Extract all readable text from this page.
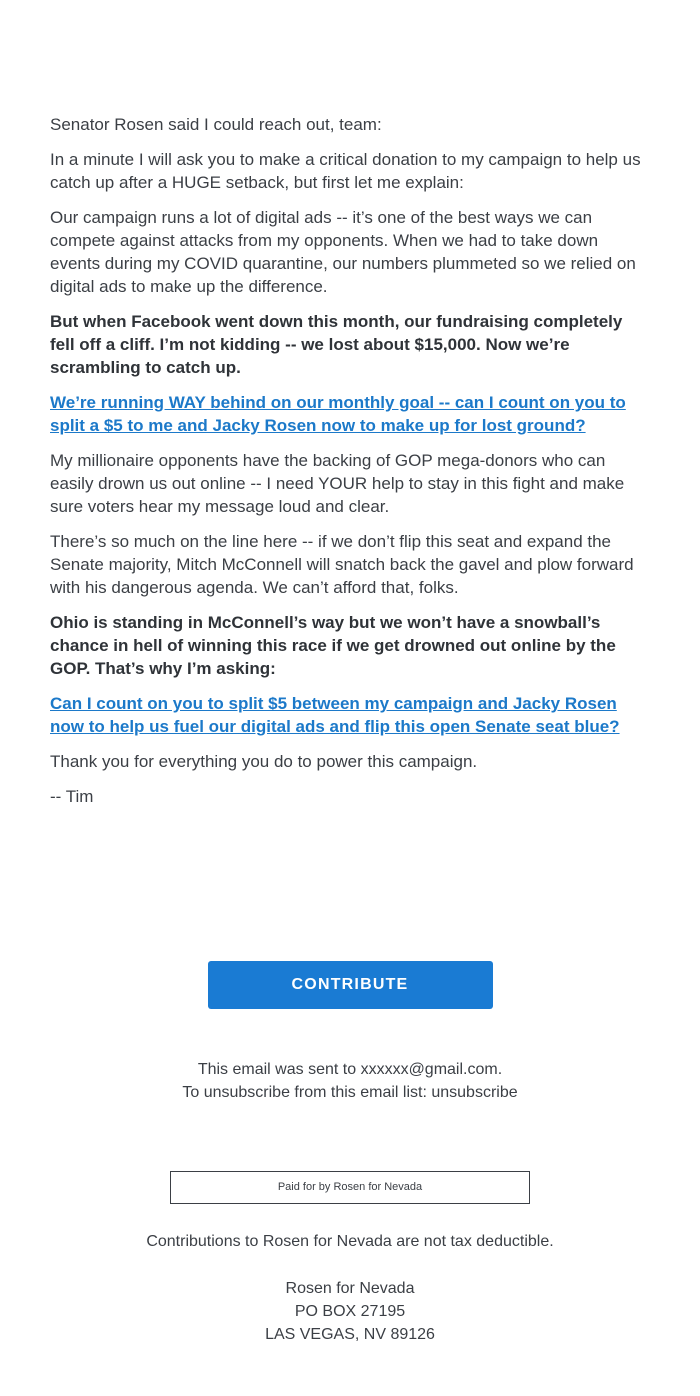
Senator Rosen said I could reach out, team:

In a minute I will ask you to make a critical donation to my campaign to help us catch up after a HUGE setback, but first let me explain:

Our campaign runs a lot of digital ads -- it’s one of the best ways we can compete against attacks from my opponents. When we had to take down events during my COVID quarantine, our numbers plummeted so we relied on digital ads to make up the difference.

But when Facebook went down this month, our fundraising completely fell off a cliff. I’m not kidding -- we lost about $15,000. Now we’re scrambling to catch up.

We’re running WAY behind on our monthly goal -- can I count on you to split a $5 to me and Jacky Rosen now to make up for lost ground?

My millionaire opponents have the backing of GOP mega-donors who can easily drown us out online -- I need YOUR help to stay in this fight and make sure voters hear my message loud and clear.

There’s so much on the line here -- if we don’t flip this seat and expand the Senate majority, Mitch McConnell will snatch back the gavel and plow forward with his dangerous agenda. We can’t afford that, folks.

Ohio is standing in McConnell’s way but we won’t have a snowball’s chance in hell of winning this race if we get drowned out online by the GOP. That’s why I’m asking:

Can I count on you to split $5 between my campaign and Jacky Rosen now to help us fuel our digital ads and flip this open Senate seat blue?

Thank you for everything you do to power this campaign.

-- Tim

CONTRIBUTE
This email was sent to xxxxxx@gmail.com.
To unsubscribe from this email list: unsubscribe
Paid for by Rosen for Nevada
Contributions to Rosen for Nevada are not tax deductible.
Rosen for Nevada
PO BOX 27195
LAS VEGAS, NV 89126
